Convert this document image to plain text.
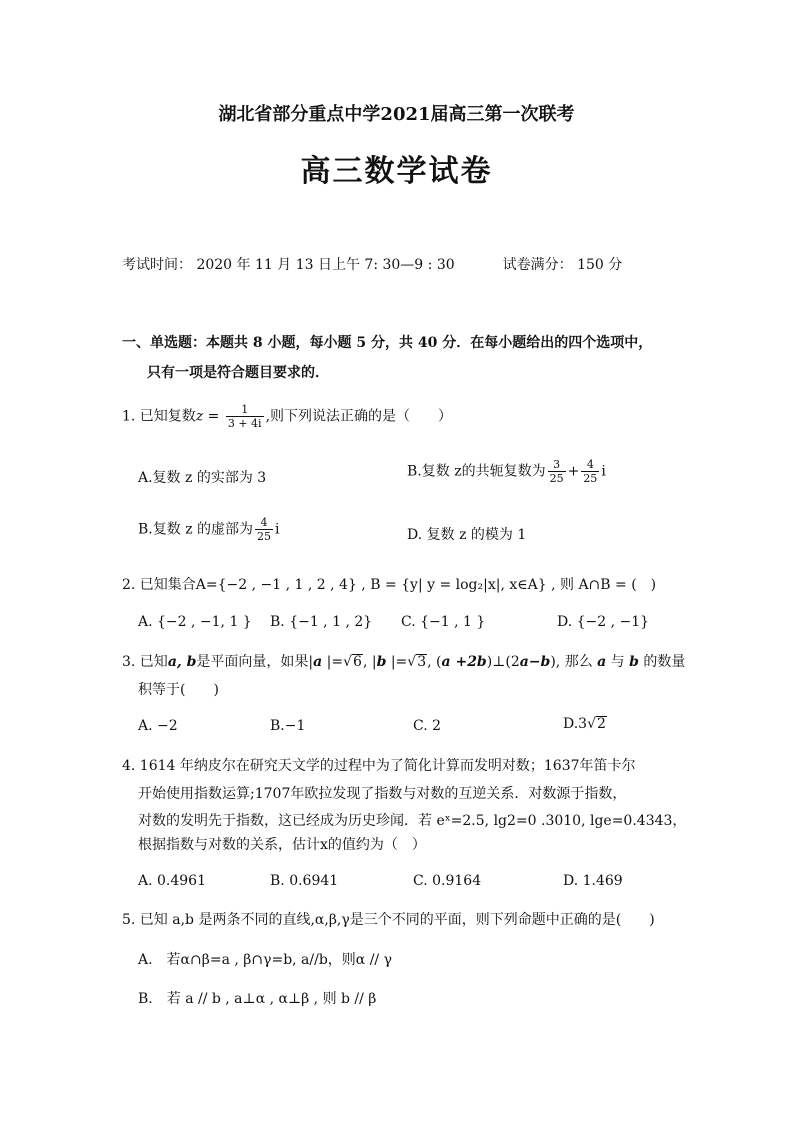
湖北省部分重点中学2021届高三第一次联考
高三数学试卷
考试时间： 2020 年 11 月 13 日上午 7: 30—9 : 30	试卷满分： 150 分
一、单选题：本题共 8 小题，每小题 5 分，共 40 分．在每小题给出的四个选项中，
只有一项是符合题目要求的．
1. 已知复数$z = \frac{1}{3 + 4i}$ ,则下列说法正确的是（　　）
A.复数 z 的实部为 3	B.复数 z的共轭复数为 $\frac{3}{25} + \frac{4}{25}$ i
B.复数 z 的虚部为 $\frac{4}{25}$ i	D. 复数 z 的模为 1
2. 已知集合A={−2 , −1 , 1 , 2 , 4} , B = {y| y = log₂|x|, x∈A} , 则 A∩B = (　)
A. {−2 , −1, 1 } B. {−1 , 1 , 2} C. {−1 , 1 }	D. {−2 , −1}
3. 已知a, b是平面向量，如果|a |=√6, |b |=√3, (a +2b)⊥(2a−b), 那么 a 与 b 的数量
积等于(　　)
A. −2	B.−1	C. 2	D.3√2
4. 1614 年纳皮尔在研究天文学的过程中为了简化计算而发明对数；1637年笛卡尔
开始使用指数运算;1707年欧拉发现了指数与对数的互逆关系．对数源于指数，
对数的发明先于指数，这已经成为历史珍闻．若 eˣ=2.5, lg2=0 .3010, lge=0.4343，
根据指数与对数的关系，估计x的值约为（　）
A. 0.4961	B. 0.6941	C. 0.9164	D. 1.469
5. 已知 a,b 是两条不同的直线,α,β,γ是三个不同的平面，则下列命题中正确的是(　　)
A.　若α∩β=a , β∩γ=b, a//b，则α // γ
B.　若 a // b , a⊥α , α⊥β , 则 b // β
